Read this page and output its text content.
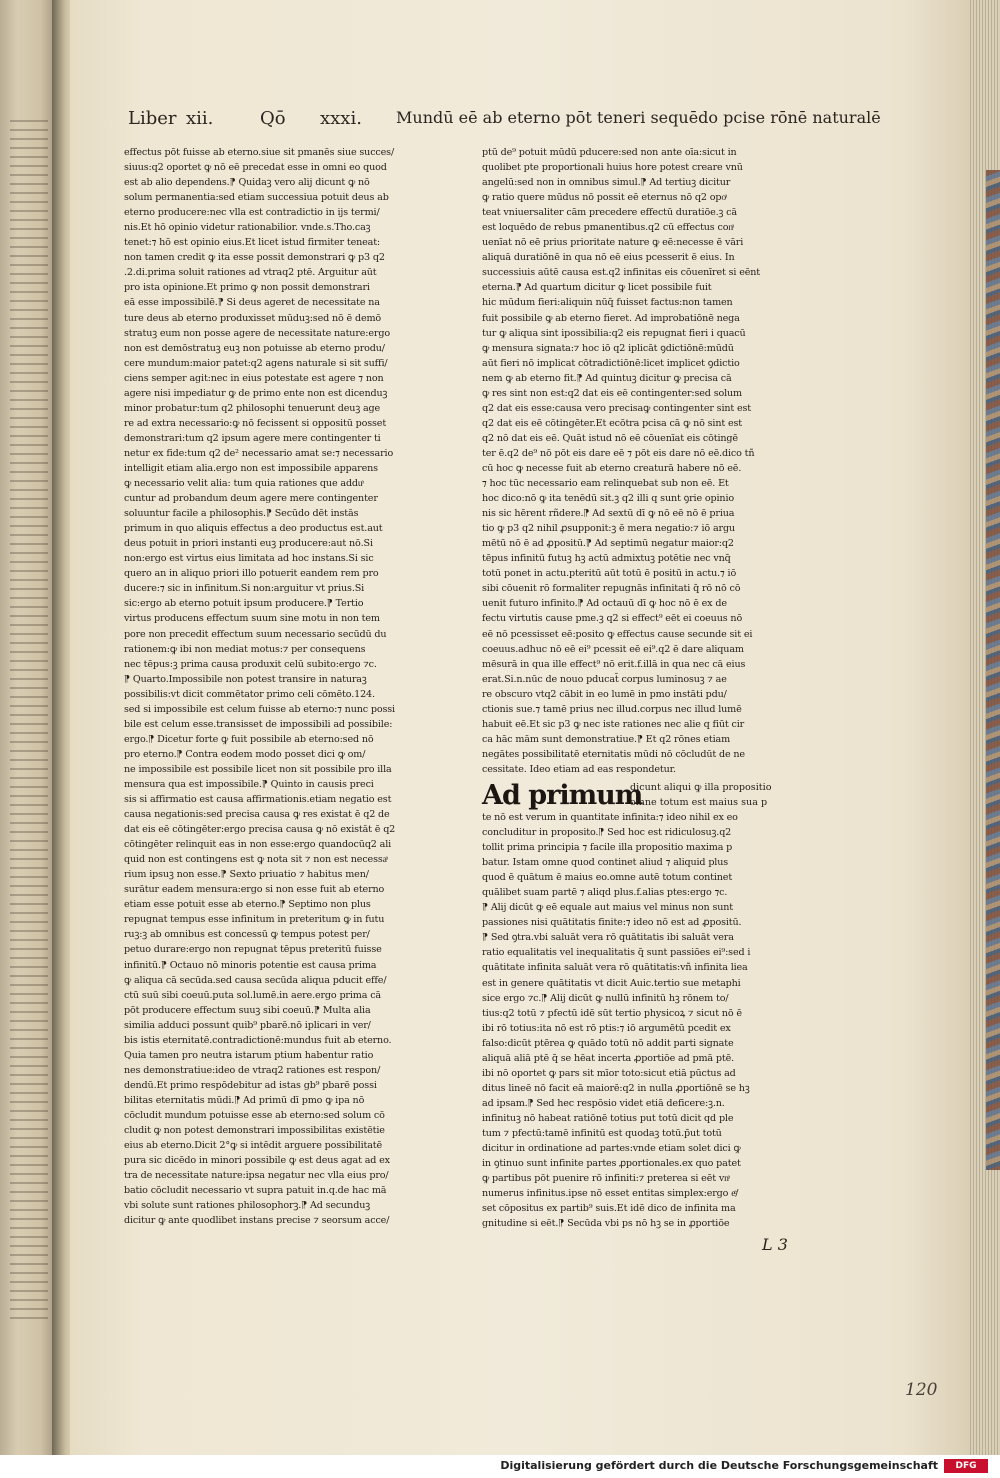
Liber xii.	Qō xxxi. Mundū eē ab eterno pōt teneri sequēdo pcise rōnē naturalē
effectus pōt fuisse ab eterno.siue sit pmanēs siue succes/
siuus:q2 oportet ꝙ nō eē precedat esse in omni eo quod
est ab alio dependens.⁋ Quidaꝫ vero alij dicunt ꝙ nō
solum permanentia:sed etiam successiua potuit deus ab
eterno producere:nec vlla est contradictio in ijs termi/
nis.Et hō opinio videtur rationabilior. vnde.s.Tho.caꝫ
tenet:⁊ hō est opinio eius.Et licet istud firmiter teneat:
non tamen credit ꝙ ita esse possit demonstrari ꝙ p3 q2
.2.di.prima soluit rationes ad vtraq2 ptē. Arguitur aūt
pro ista opinione.Et primo ꝙ non possit demonstrari
eā esse impossibilē.⁋ Si deus ageret de necessitate na
ture deus ab eterno produxisset mūduꝫ:sed nō ē demō
stratuꝫ eum non posse agere de necessitate nature:ergo
non est demōstratuꝫ euꝫ non potuisse ab eterno produ/
cere mundum:maior patet:q2 agens naturale si sit suffi/
ciens semper agit:nec in eius potestate est agere ⁊ non
agere nisi impediatur ꝙ de primo ente non est dicenduꝫ
minor probatur:tum q2 philosophi tenuerunt deuꝫ age
re ad extra necessario:ꝙ nō fecissent si oppositū posset
demonstrari:tum q2 ipsum agere mere contingenter ti
netur ex fide:tum q2 de² necessario amat se:⁊ necessario
intelligit etiam alia.ergo non est impossibile apparens
ꝙ necessario velit alia: tum quia rationes que adduͣ
cuntur ad probandum deum agere mere contingenter
soluuntur facile a philosophis.⁋ Secūdo dēt instās
primum in quo aliquis effectus a deo productus est.aut
deus potuit in priori instanti euꝫ producere:aut nō.Si
non:ergo est virtus eius limitata ad hoc instans.Si sic
quero an in aliquo priori illo potuerit eandem rem pro
ducere:⁊ sic in infinitum.Si non:arguitur vt prius.Si
sic:ergo ab eterno potuit ipsum producere.⁋ Tertio
virtus producens effectum suum sine motu in non tem
pore non precedit effectum suum necessario secūdū du
rationem:ꝙ ibi non mediat motus:⁊ per consequens
nec tēpus:ꝫ prima causa produxit celū subito:ergo ⁊c.
⁋ Quarto.Impossibile non potest transire in naturaꝫ
possibilis:vt dicit commētator primo celi cōmēto.124.
sed si impossibile est celum fuisse ab eterno:⁊ nunc possi
bile est celum esse.transisset de impossibili ad possibile:
ergo.⁋ Dicetur forte ꝙ fuit possibile ab eterno:sed nō
pro eterno.⁋ Contra eodem modo posset dici ꝙ om/
ne impossibile est possibile licet non sit possibile pro illa
mensura qua est impossibile.⁋ Quinto in causis preci
sis si affirmatio est causa affirmationis.etiam negatio est
causa negationis:sed precisa causa ꝙ res existat ē q2 de
dat eis eē cōtingēter:ergo precisa causa ꝙ nō existāt ē q2
cōtingēter relinquit eas in non esse:ergo quandocūq2 ali
quid non est contingens est ꝙ nota sit ⁊ non est necessaͣ
rium ipsuꝫ non esse.⁋ Sexto priuatio ⁊ habitus men/
surātur eadem mensura:ergo si non esse fuit ab eterno
etiam esse potuit esse ab eterno.⁋ Septimo non plus
repugnat tempus esse infinitum in preteritum ꝙ in futu
ruꝫ:ꝫ ab omnibus est concessū ꝙ tempus potest per/
petuo durare:ergo non repugnat tēpus preteritū fuisse
infinitū.⁋ Octauo nō minoris potentie est causa prima
ꝙ aliqua cā secūda.sed causa secūda aliqua pducit effe/
ctū suū sibi coeuū.puta sol.lumē.in aere.ergo prima cā
pōt producere effectum suuꝫ sibi coeuū.⁋ Multa alia
similia adduci possunt quib⁹ pbarē.nō iplicari in ver/
bis istis eternitatē.contradictionē:mundus fuit ab eterno.
Quia tamen pro neutra istarum ptium habentur ratio
nes demonstratiue:ideo de vtraq2 rationes est respon/
dendū.Et primo respōdebitur ad istas gb⁹ pbarē possi
bilitas eternitatis mūdi.⁋ Ad primū dī pmo ꝙ ipa nō
cōcludit mundum potuisse esse ab eterno:sed solum cō
cludit ꝙ non potest demonstrari impossibilitas existētie
eius ab eterno.Dicit 2°ꝙ si intēdit arguere possibilitatē
pura sic dicēdo in minori possibile ꝙ est deus agat ad ex
tra de necessitate nature:ipsa negatur nec vlla eius pro/
batio cōcludit necessario vt supra patuit in.q.de hac mā
vbi solute sunt rationes philosophorꝫ.⁋ Ad secunduꝫ
dicitur ꝙ ante quodlibet instans precise ⁊ seorsum acce/
ptū de⁹ potuit mūdū pducere:sed non ante oīa:sicut in
quolibet pte proportionali huius hore potest creare vnū
angelū:sed non in omnibus simul.⁋ Ad tertiuꝫ dicitur
ꝙ ratio quere mūdus nō possit eē eternus nō q2 opoͣ
teat vniuersaliter cām precedere effectū duratiōe.ꝫ cā
est loquēdo de rebus pmanentibus.q2 cū effectus conͣ
uenīat nō eē prius prioritate nature ꝙ eē:necesse ē vāri
aliquā duratiōnē in qua nō eē eius pcesserit ē eius. In
successiuis aūtē causa est.q2 infinitas eis cōuenīret si eēnt
eterna.⁋ Ad quartum dicitur ꝙ licet possibile fuit
hic mūdum fieri:aliquin nūq̄ fuisset factus:non tamen
fuit possibile ꝙ ab eterno fieret. Ad improbatiōnē nega
tur ꝙ aliqua sint ipossibilia:q2 eis repugnat fieri i quacū
ꝙ mensura signata:⁊ hoc iō q2 iplicāt ꝯdictiōnē:mūdū
aūt fieri nō implicat cōtradictiōnē:licet implicet ꝯdictio
nem ꝙ ab eterno fit.⁋ Ad quintuꝫ dicitur ꝙ precisa cā
ꝙ res sint non est:q2 dat eis eē contingenter:sed solum
q2 dat eis esse:causa vero precisaꝙ contingenter sint est
q2 dat eis eē cōtingēter.Et ecōtra pcisa cā ꝙ nō sint est
q2 nō dat eis eē. Quāt istud nō eē cōuenīat eis cōtingē
ter ē.q2 de⁹ nō pōt eis dare eē ⁊ pōt eis dare nō eē.dico tñ
cū hoc ꝙ necesse fuit ab eterno creaturā habere nō eē.
⁊ hoc tūc necessario eam relinquebat sub non eē. Et
hoc dico:nō ꝙ ita tenēdū sit.ꝫ q2 illi q sunt ꝯrie opinio
nis sic hērent rñdere.⁋ Ad sextū dī ꝙ nō eē nō ē priua
tio ꝙ p3 q2 nihil ꝓsupponit:ꝫ ē mera negatio:⁊ iō argu
mētū nō ē ad ꝓpositū.⁋ Ad septimū negatur maior:q2
tēpus infinitū futuꝫ hꝫ actū admixtuꝫ potētie nec vnq̄
totū ponet in actu.pteritū aūt totū ē positū in actu.⁊ iō
sibi cōuenit rō formaliter repugnās infinitati q̄ rō nō cō
uenit futuro infinito.⁋ Ad octauū dī ꝙ hoc nō ē ex de
fectu virtutis cause pme.ꝫ q2 si effect⁹ eēt ei coeuus nō
eē nō pcessisset eē:posito ꝙ effectus cause secunde sit ei
coeuus.adhuc nō eē ei⁹ pcessit eē ei⁹.q2 ē dare aliquam
mēsurā in qua ille effect⁹ nō erit.f.illā in qua nec cā eius
erat.Si.n.nūc de nouo pducat̄ corpus luminosuꝫ ⁊ ae
re obscuro vtq2 cābit in eo lumē in pmo instāti pdu/
ctionis sue.⁊ tamē prius nec illud.corpus nec illud lumē
habuit eē.Et sic p3 ꝙ nec iste rationes nec alie q fiūt cir
ca hāc mām sunt demonstratiue.⁋ Et q2 rōnes etiam
negātes possibilitatē eternitatis mūdi nō cōcludūt de ne
cessitate. Ideo etiam ad eas respondetur.
Ad primum
dicunt aliqui ꝙ illa propositio
omne totum est maius sua p
te nō est verum in quantitate infinita:⁊ ideo nihil ex eo
concluditur in proposito.⁋ Sed hoc est ridiculosuꝫ.q2
tollit prima principia ⁊ facile illa propositio maxima p
batur. Istam omne quod continet aliud ⁊ aliquid plus
quod ē quātum ē maius eo.omne autē totum continet
quālibet suam partē ⁊ aliqd plus.f.alias ptes:ergo ⁊c.
⁋ Alij dicūt ꝙ eē equale aut maius vel minus non sunt
passiones nisi quātitatis finite:⁊ ideo nō est ad ꝓpositū.
⁋ Sed ꝯtra.vbi saluāt vera rō quātitatis ibi saluāt vera
ratio equalitatis vel inequalitatis q̄ sunt passiōes ei⁹:sed i
quātitate infinita saluāt vera rō quātitatis:vñ infinita liea
est in genere quātitatis vt dicit Auic.tertio sue metaphi
sice ergo ⁊c.⁋ Alij dicūt ꝙ nullū infinitū hꝫ rōnem to/
tius:q2 totū ⁊ pfectū idē sūt tertio physicoꝝ ⁊ sicut nō ē
ibi rō totius:ita nō est rō ptis:⁊ iō argumētū pcedit ex
falso:dicūt ptērea ꝙ quādo totū nō addit parti signate
aliquā aliā ptē q̄ se hēat incerta ꝓportiōe ad pmā ptē.
ibi nō oportet ꝙ pars sit mīor toto:sicut etiā pūctus ad
ditus lineē nō facit eā maiorē:q2 in nulla ꝓportiōnē se hꝫ
ad ipsam.⁋ Sed hec respōsio videt etiā deficere:ꝫ.n.
infinituꝫ nō habeat ratiōnē totius put totū dicit qd ple
tum ⁊ pfectū:tamē infinitū est quodaꝫ totū.p̄ut totū
dicitur in ordinatione ad partes:vnde etiam solet dici ꝙ
in ꝯtinuo sunt infinite partes ꝓportionales.ex quo patet
ꝙ partibus pōt puenire rō infiniti:⁊ preterea si eēt vnͣ
numerus infinitus.ipse nō esset entitas simplex:ergo eͤ/
set cōpositus ex partib⁹ suis.Et idē dico de infinita ma
gnitudine si eēt.⁋ Secūda vbi ps nō hꝫ se in ꝓportiōe
L 3
120
Digitalisierung gefördert durch die Deutsche Forschungsgemeinschaft	DFG
